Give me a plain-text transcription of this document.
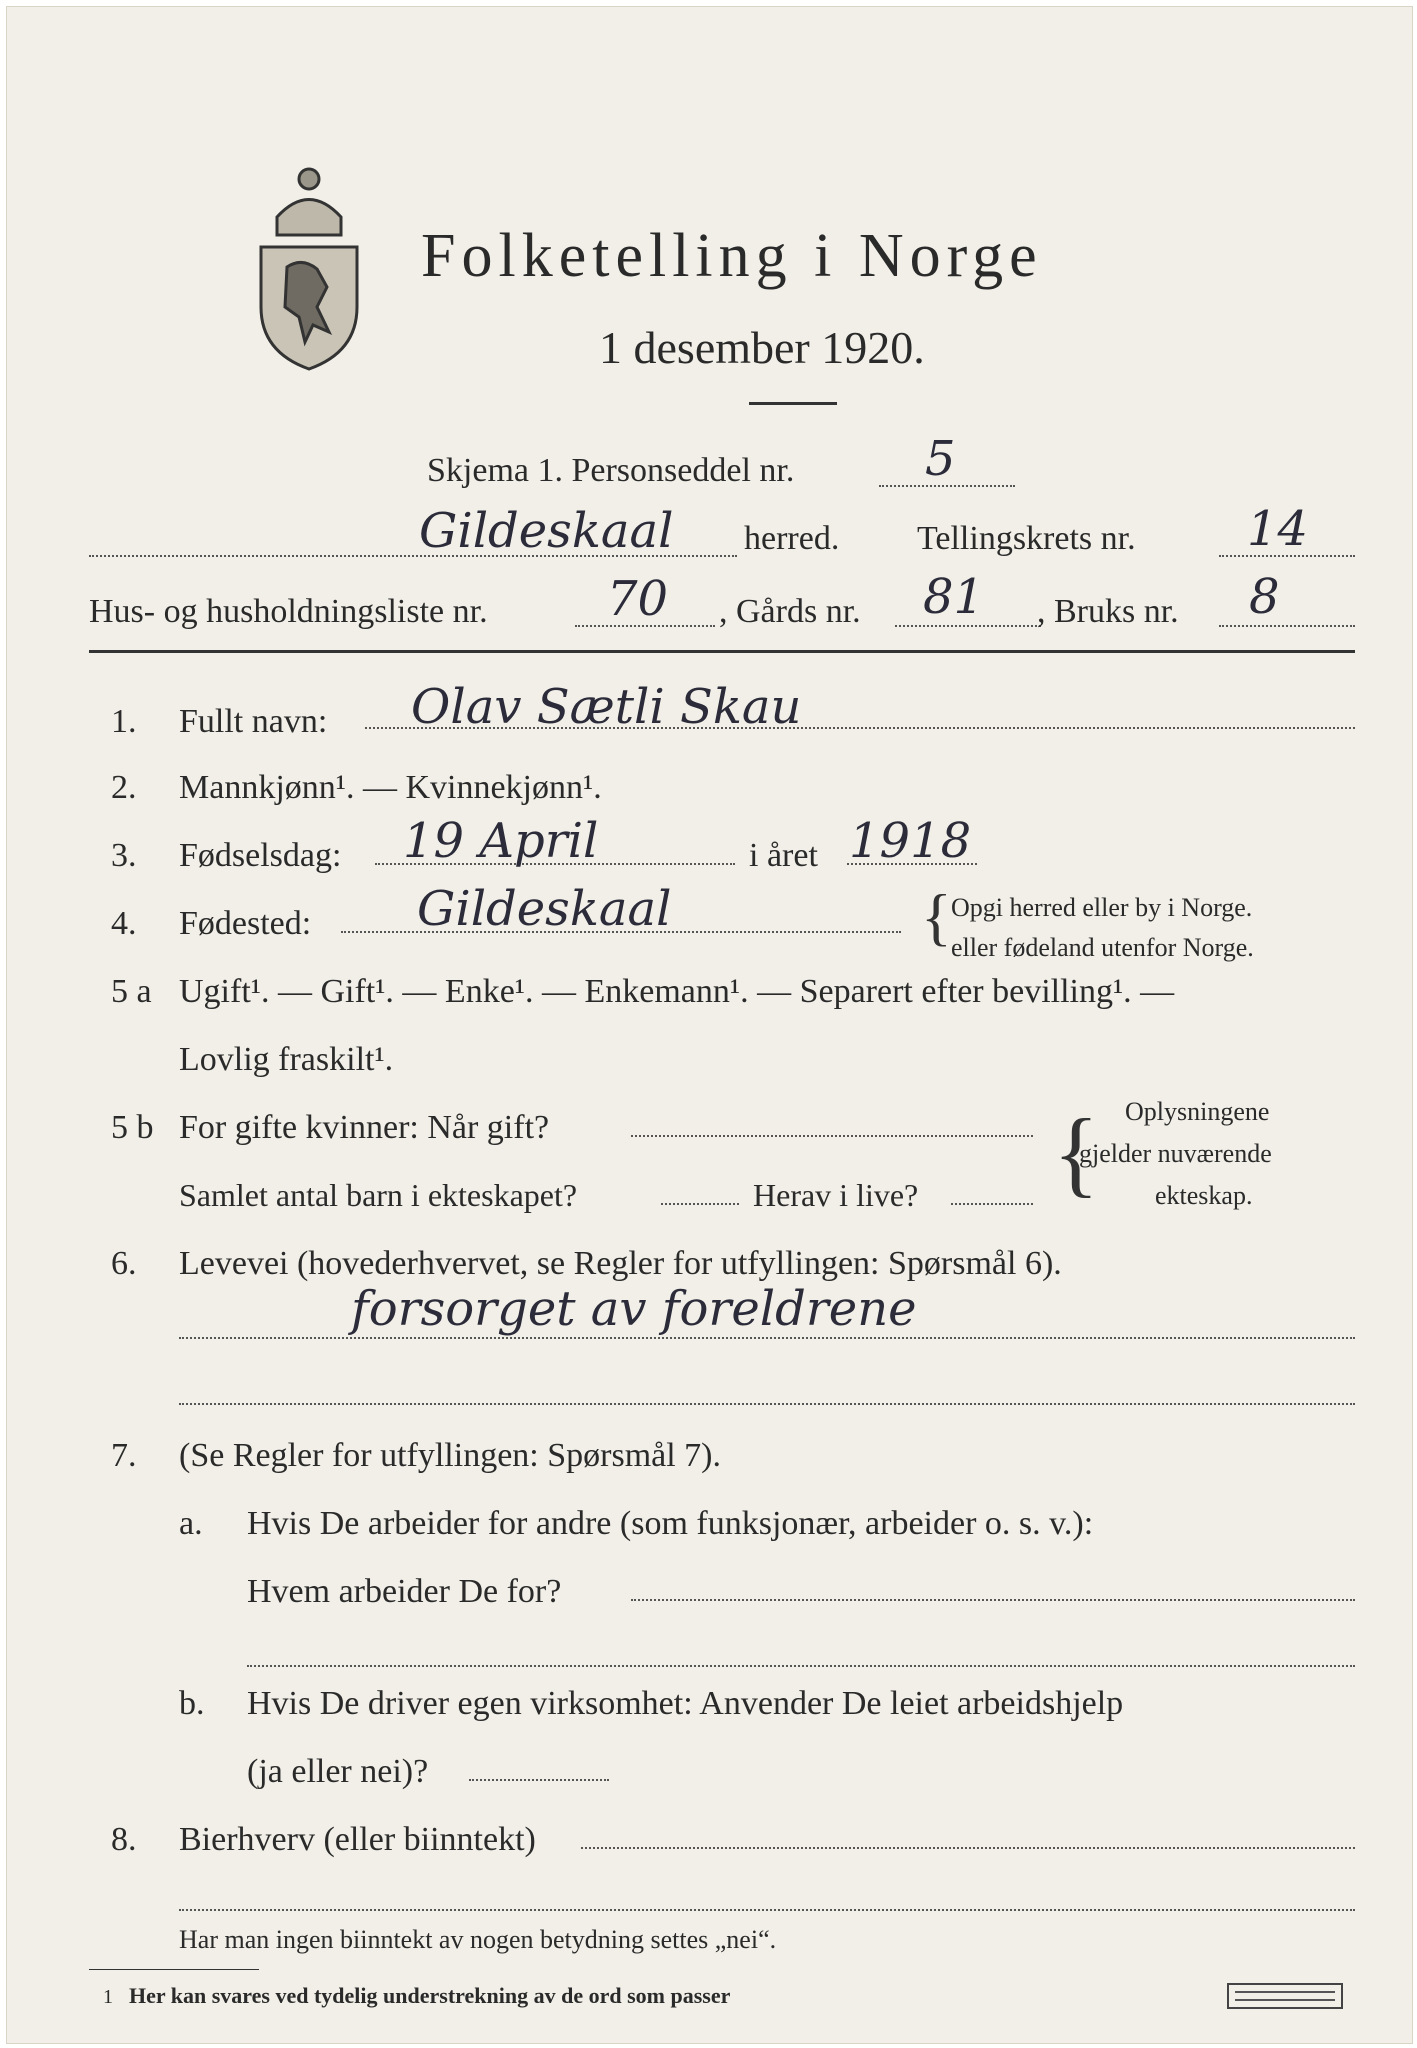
Folketelling i Norge
1 desember 1920.
Skjema 1. Personseddel nr.	5
Gildeskaal herred. Tellingskrets nr. 14
Hus- og husholdningsliste nr. 70 , Gårds nr. 81 , Bruks nr. 8
1. Fullt navn: Olav Sætli Skau
2. Mannkjønn¹. — Kvinnekjønn¹.
3. Fødselsdag: 19 April	i året 1918
4. Fødested: Gildeskaal	Opgi herred eller by i Norge.
eller fødeland utenfor Norge.
{
5 a Ugift¹. — Gift¹. — Enke¹. — Enkemann¹. — Separert efter bevilling¹. —
Lovlig fraskilt¹.
5 b For gifte kvinner: Når gift?
Samlet antal barn i ekteskapet?	Herav i live? { Oplysningene
gjelder nuværende
ekteskap.
6. Levevei (hovederhvervet, se Regler for utfyllingen: Spørsmål 6).
forsorget av foreldrene
7. (Se Regler for utfyllingen: Spørsmål 7).
a. Hvis De arbeider for andre (som funksjonær, arbeider o. s. v.):
Hvem arbeider De for?
b. Hvis De driver egen virksomhet: Anvender De leiet arbeidshjelp
(ja eller nei)?
8. Bierhverv (eller biinntekt)
Har man ingen biinntekt av nogen betydning settes „nei“.
1 Her kan svares ved tydelig understrekning av de ord som passer
